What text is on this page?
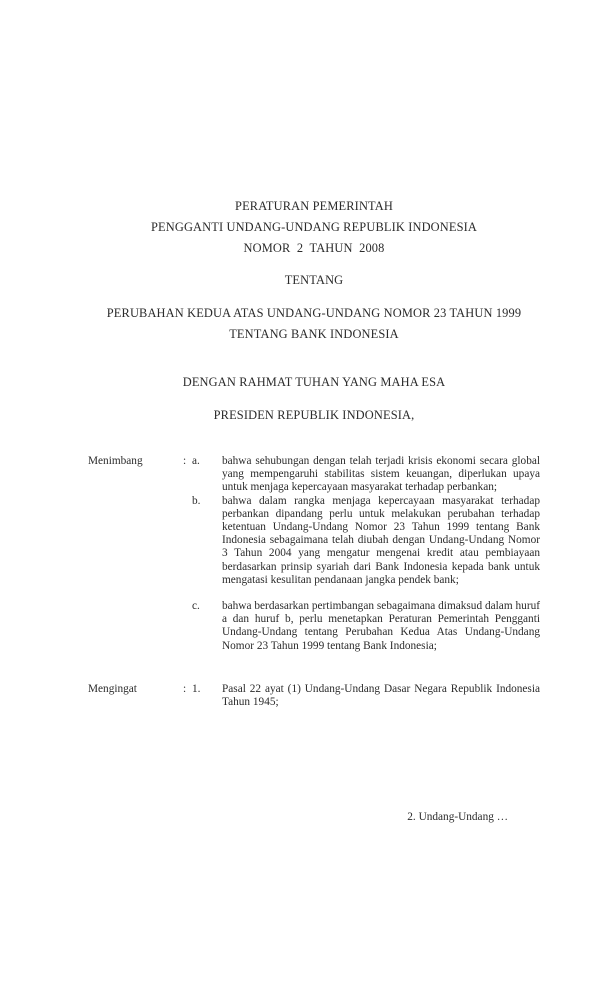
PERATURAN PEMERINTAH
PENGGANTI UNDANG-UNDANG REPUBLIK INDONESIA
NOMOR  2  TAHUN  2008
TENTANG
PERUBAHAN KEDUA ATAS UNDANG-UNDANG NOMOR 23 TAHUN 1999
TENTANG BANK INDONESIA
DENGAN RAHMAT TUHAN YANG MAHA ESA
PRESIDEN REPUBLIK INDONESIA,
Menimbang	: a.	bahwa sehubungan dengan telah terjadi krisis ekonomi secara global yang mempengaruhi stabilitas sistem keuangan, diperlukan upaya untuk menjaga kepercayaan masyarakat terhadap perbankan;
b.	bahwa dalam rangka menjaga kepercayaan masyarakat terhadap perbankan dipandang perlu untuk melakukan perubahan terhadap ketentuan Undang-Undang Nomor 23 Tahun 1999 tentang Bank Indonesia sebagaimana telah diubah dengan Undang-Undang Nomor 3 Tahun 2004 yang mengatur mengenai kredit atau pembiayaan berdasarkan prinsip syariah dari Bank Indonesia kepada bank untuk mengatasi kesulitan pendanaan jangka pendek bank;
c.	bahwa berdasarkan pertimbangan sebagaimana dimaksud dalam huruf a dan huruf b, perlu menetapkan Peraturan Pemerintah Pengganti Undang-Undang tentang Perubahan Kedua Atas Undang-Undang Nomor 23 Tahun 1999 tentang Bank Indonesia;
Mengingat	: 1.	Pasal 22 ayat (1) Undang-Undang Dasar Negara Republik Indonesia Tahun 1945;
2. Undang-Undang …
